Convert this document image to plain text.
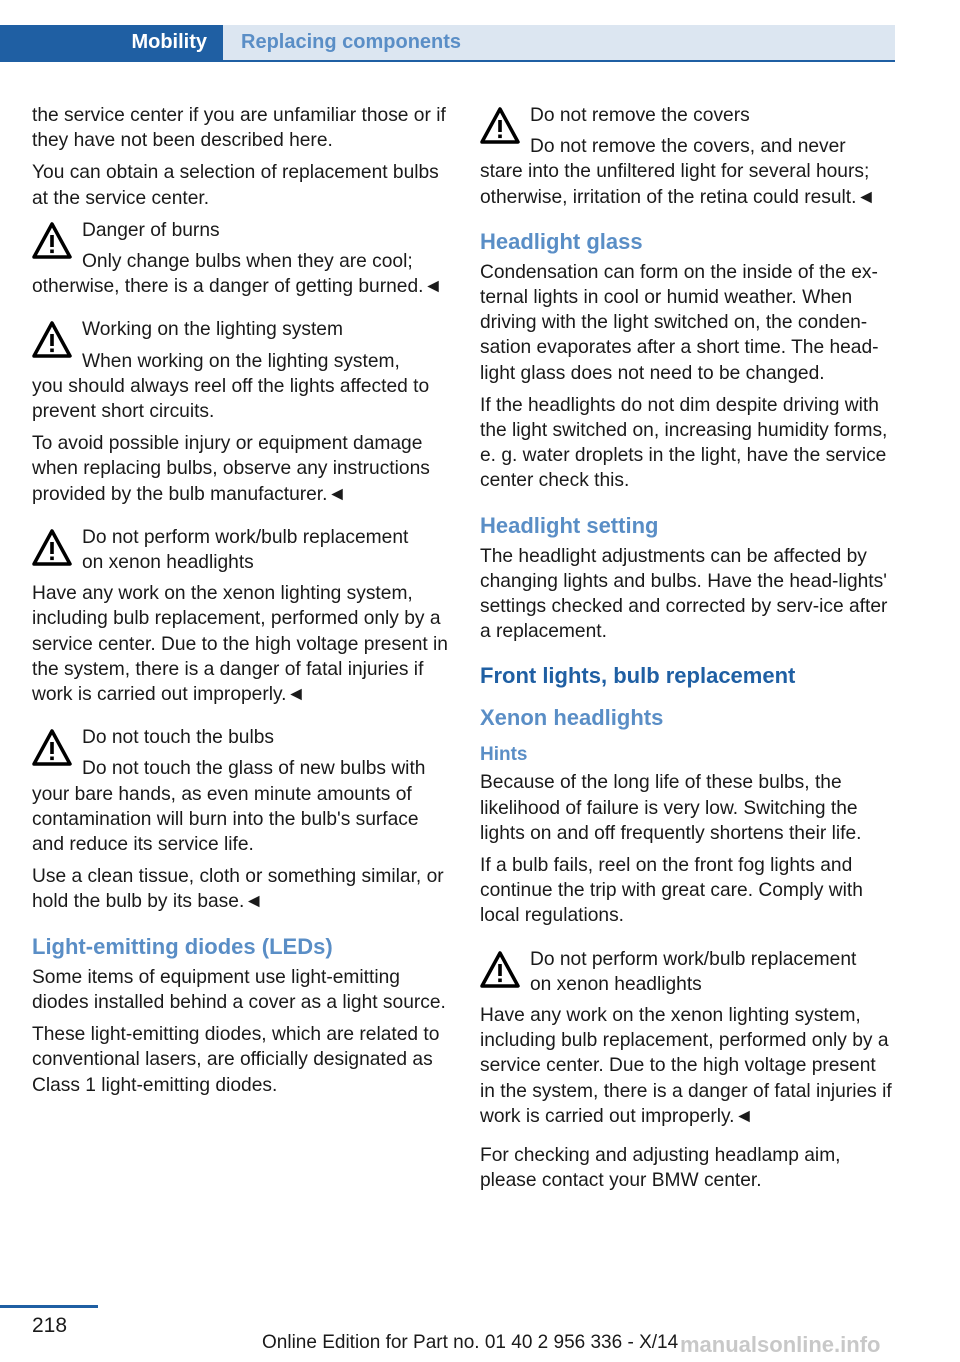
Mobility	Replacing components

the service center if you are unfamiliar those or if they have not been described here.

You can obtain a selection of replacement bulbs at the service center.

Danger of burns
Only change bulbs when they are cool;
otherwise, there is a danger of getting burned.◄
Working on the lighting system
When working on the lighting system,
you should always reel off the lights affected to prevent short circuits.

To avoid possible injury or equipment damage when replacing bulbs, observe any instructions provided by the bulb manufacturer.◄

Do not perform work/bulb replacement
on xenon headlights
Have any work on the xenon lighting system, including bulb replacement, performed only by a service center. Due to the high voltage present in the system, there is a danger of fatal injuries if work is carried out improperly.◄
Do not touch the bulbs
Do not touch the glass of new bulbs with
your bare hands, as even minute amounts of contamination will burn into the bulb's surface and reduce its service life.

Use a clean tissue, cloth or something similar, or hold the bulb by its base.◄

Light-emitting diodes (LEDs)

Some items of equipment use light-emitting diodes installed behind a cover as a light source.

These light-emitting diodes, which are related to conventional lasers, are officially designated as Class 1 light-emitting diodes.

Do not remove the covers
Do not remove the covers, and never
stare into the unfiltered light for several hours; otherwise, irritation of the retina could result.◄
Headlight glass

Condensation can form on the inside of the ex-ternal lights in cool or humid weather. When driving with the light switched on, the conden-sation evaporates after a short time. The head-light glass does not need to be changed.

If the headlights do not dim despite driving with the light switched on, increasing humidity forms, e. g. water droplets in the light, have the service center check this.

Headlight setting

The headlight adjustments can be affected by changing lights and bulbs. Have the head-lights' settings checked and corrected by serv-ice after a replacement.

Front lights, bulb replacement
Xenon headlights
Hints

Because of the long life of these bulbs, the likelihood of failure is very low. Switching the lights on and off frequently shortens their life.

If a bulb fails, reel on the front fog lights and continue the trip with great care. Comply with local regulations.

Do not perform work/bulb replacement
on xenon headlights
Have any work on the xenon lighting system, including bulb replacement, performed only by a service center. Due to the high voltage present in the system, there is a danger of fatal injuries if work is carried out improperly.◄

For checking and adjusting headlamp aim, please contact your BMW center.

218
Online Edition for Part no. 01 40 2 956 336 - X/14 manualsonline.info
